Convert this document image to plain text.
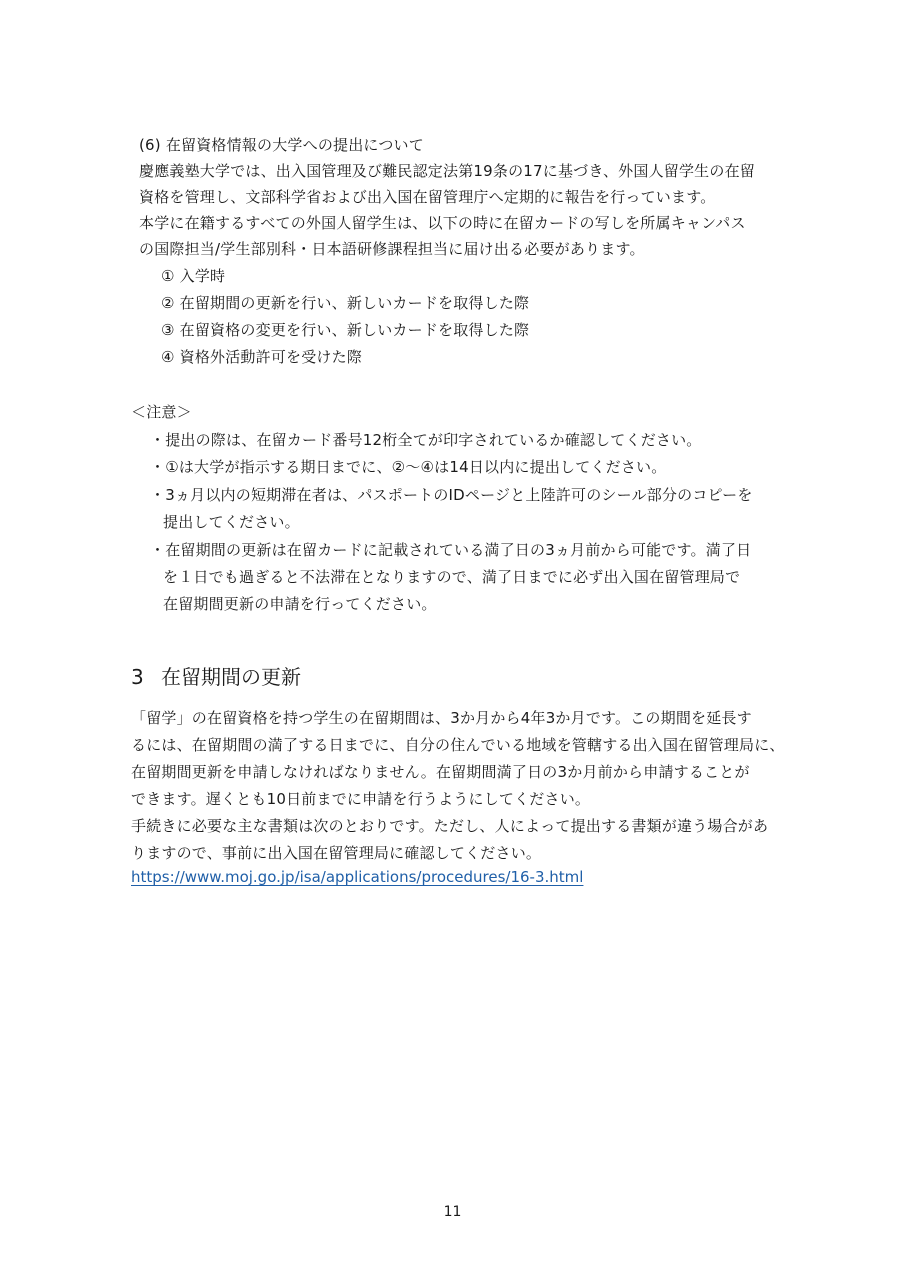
(6) 在留資格情報の大学への提出について
慶應義塾大学では、出入国管理及び難民認定法第19条の17に基づき、外国人留学生の在留
資格を管理し、文部科学省および出入国在留管理庁へ定期的に報告を行っています。
本学に在籍するすべての外国人留学生は、以下の時に在留カードの写しを所属キャンパス
の国際担当/学生部別科・日本語研修課程担当に届け出る必要があります。
① 入学時
② 在留期間の更新を行い、新しいカードを取得した際
③ 在留資格の変更を行い、新しいカードを取得した際
④ 資格外活動許可を受けた際
＜注意＞
・提出の際は、在留カード番号12桁全てが印字されているか確認してください。
・①は大学が指示する期日までに、②〜④は14日以内に提出してください。
・3ヵ月以内の短期滞在者は、パスポートのIDページと上陸許可のシール部分のコピーを
提出してください。
・在留期間の更新は在留カードに記載されている満了日の3ヵ月前から可能です。満了日
を１日でも過ぎると不法滞在となりますので、満了日までに必ず出入国在留管理局で
在留期間更新の申請を行ってください。
3 在留期間の更新
「留学」の在留資格を持つ学生の在留期間は、3か月から4年3か月です。この期間を延長す
るには、在留期間の満了する日までに、自分の住んでいる地域を管轄する出入国在留管理局に、
在留期間更新を申請しなければなりません。在留期間満了日の3か月前から申請することが
できます。遅くとも10日前までに申請を行うようにしてください。
手続きに必要な主な書類は次のとおりです。ただし、人によって提出する書類が違う場合があ
りますので、事前に出入国在留管理局に確認してください。
https://www.moj.go.jp/isa/applications/procedures/16-3.html
11
